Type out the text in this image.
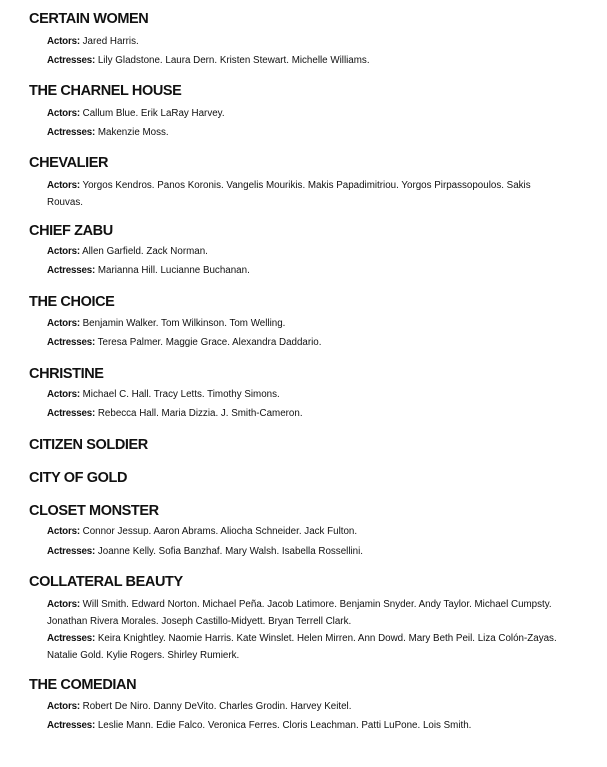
CERTAIN WOMEN

Actors: Jared Harris.

Actresses: Lily Gladstone. Laura Dern. Kristen Stewart. Michelle Williams.

THE CHARNEL HOUSE

Actors: Callum Blue. Erik LaRay Harvey.

Actresses: Makenzie Moss.

CHEVALIER

Actors: Yorgos Kendros. Panos Koronis. Vangelis Mourikis. Makis Papadimitriou. Yorgos Pirpassopoulos. Sakis Rouvas.

CHIEF ZABU

Actors: Allen Garfield. Zack Norman.

Actresses: Marianna Hill. Lucianne Buchanan.

THE CHOICE

Actors: Benjamin Walker. Tom Wilkinson. Tom Welling.

Actresses: Teresa Palmer. Maggie Grace. Alexandra Daddario.

CHRISTINE

Actors: Michael C. Hall. Tracy Letts. Timothy Simons.

Actresses: Rebecca Hall. Maria Dizzia. J. Smith-Cameron.

CITIZEN SOLDIER
CITY OF GOLD
CLOSET MONSTER

Actors: Connor Jessup. Aaron Abrams. Aliocha Schneider. Jack Fulton.

Actresses: Joanne Kelly. Sofia Banzhaf. Mary Walsh. Isabella Rossellini.

COLLATERAL BEAUTY

Actors: Will Smith. Edward Norton. Michael Peña. Jacob Latimore. Benjamin Snyder. Andy Taylor. Michael Cumpsty. Jonathan Rivera Morales. Joseph Castillo-Midyett. Bryan Terrell Clark.

Actresses: Keira Knightley. Naomie Harris. Kate Winslet. Helen Mirren. Ann Dowd. Mary Beth Peil. Liza Colón-Zayas. Natalie Gold. Kylie Rogers. Shirley Rumierk.

THE COMEDIAN

Actors: Robert De Niro. Danny DeVito. Charles Grodin. Harvey Keitel.

Actresses: Leslie Mann. Edie Falco. Veronica Ferres. Cloris Leachman. Patti LuPone. Lois Smith.
